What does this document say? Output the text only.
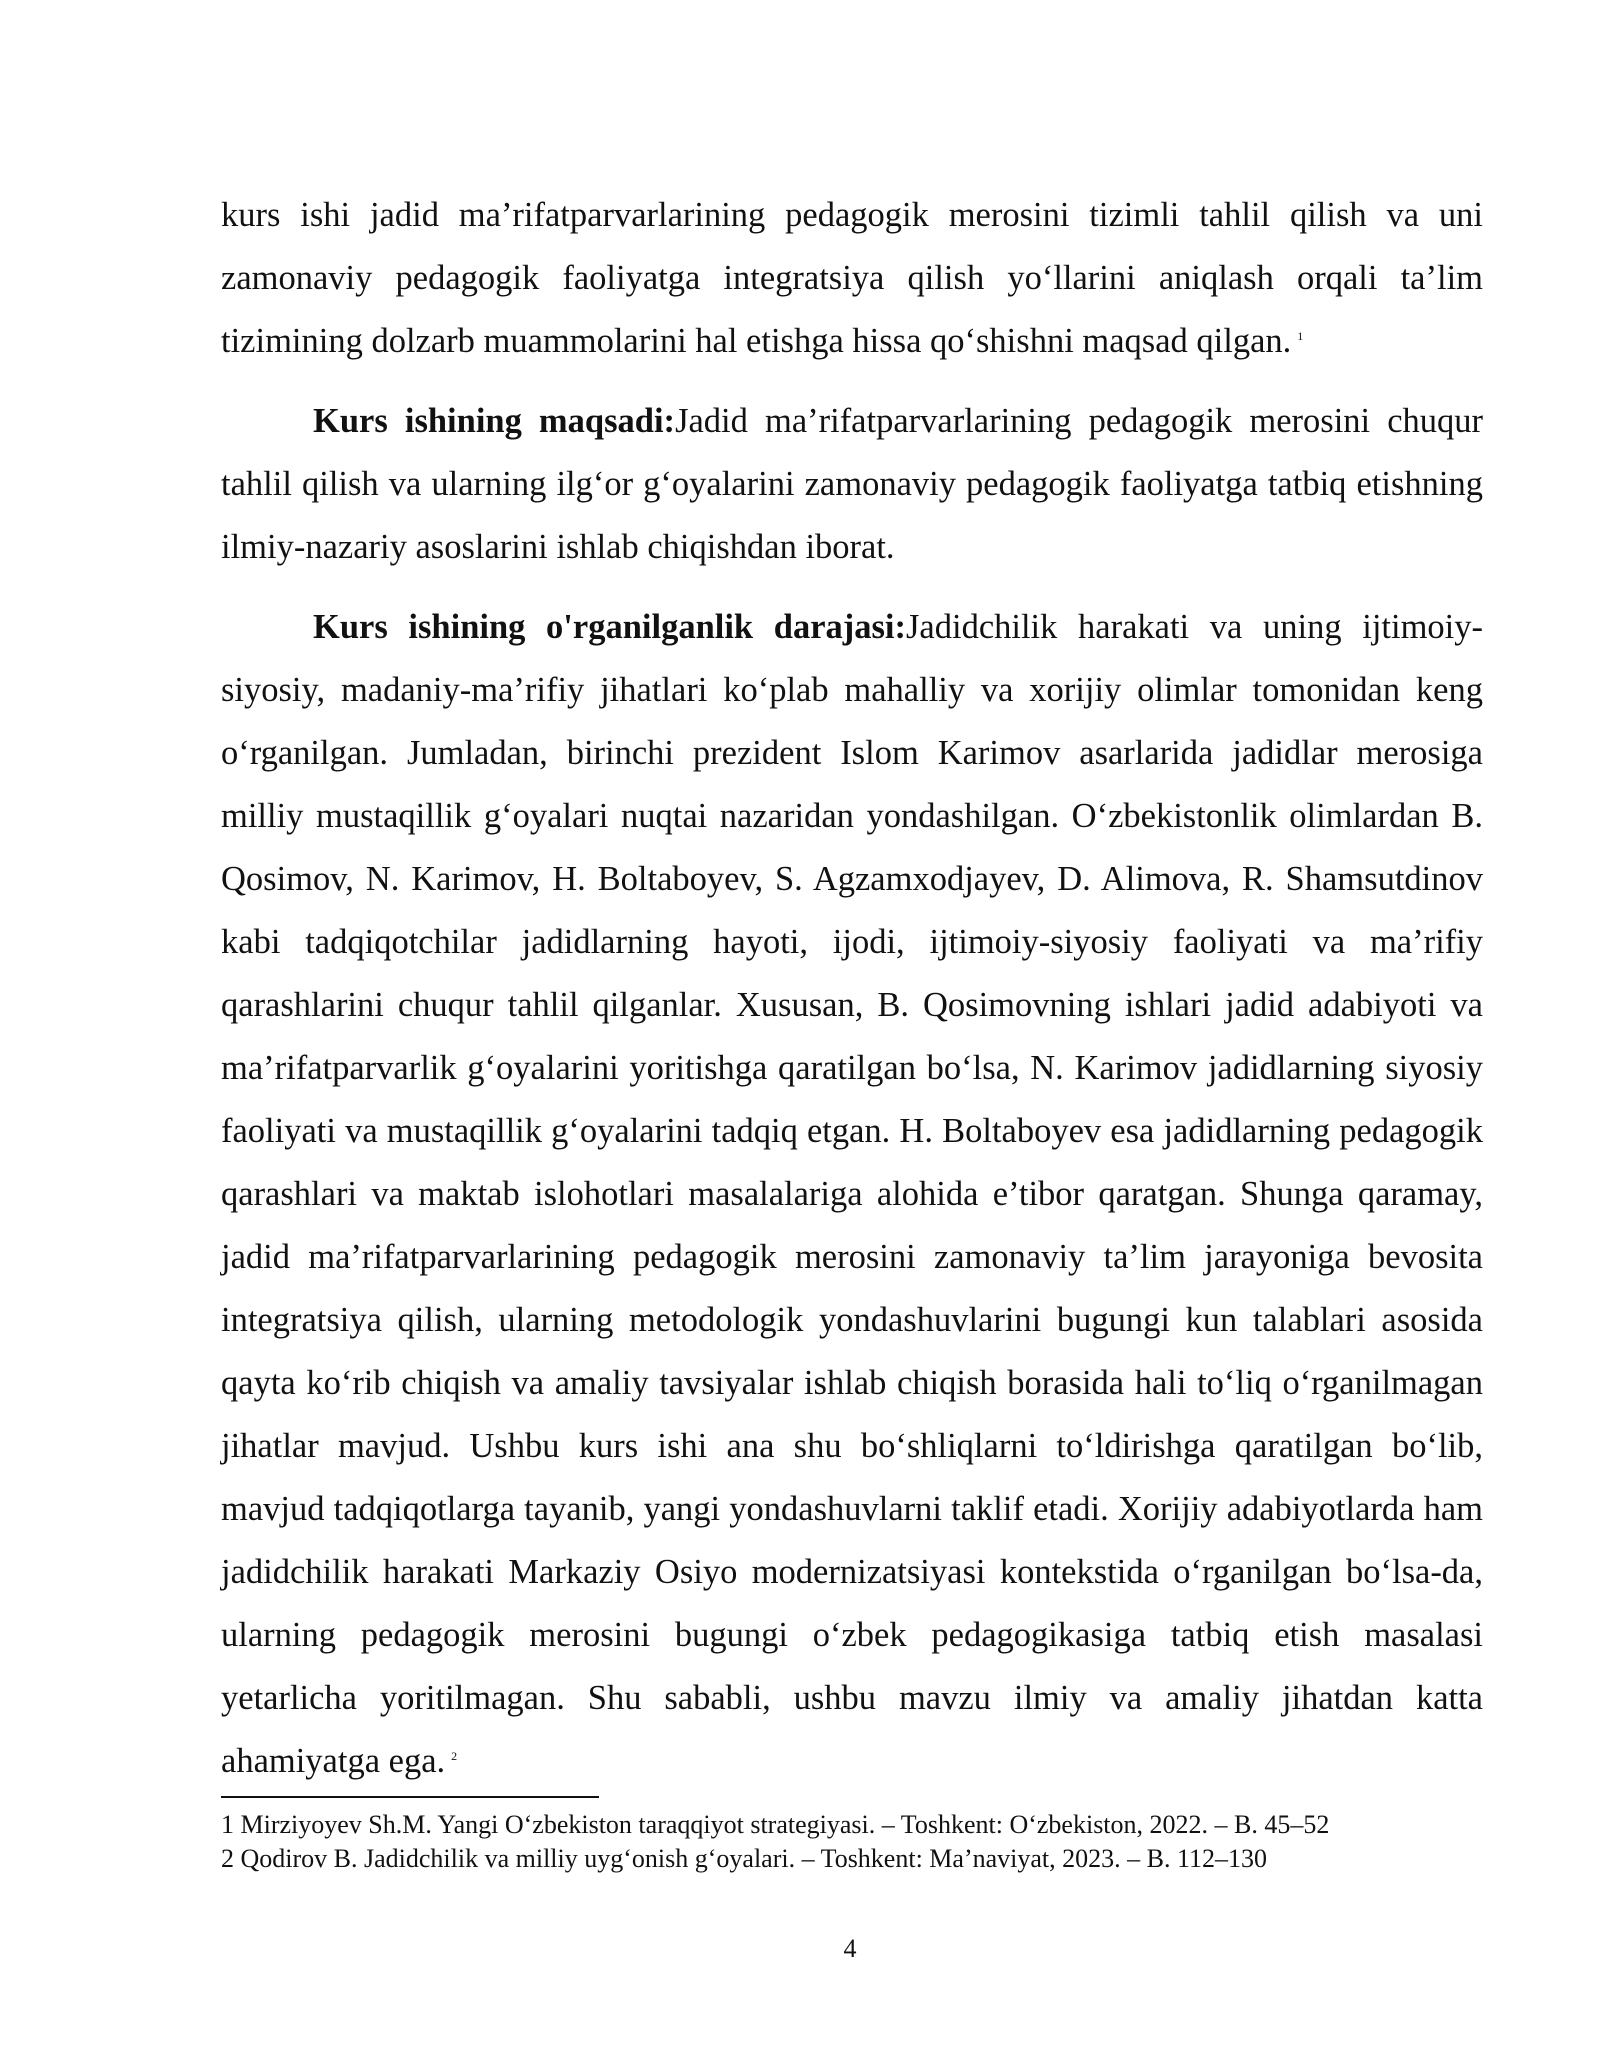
kurs ishi jadid ma’rifatparvarlarining pedagogik merosini tizimli tahlil qilish va uni zamonaviy pedagogik faoliyatga integratsiya qilish yo‘llarini aniqlash orqali ta’lim tizimining dolzarb muammolarini hal etishga hissa qo‘shishni maqsad qilgan. $^1$

Kurs ishining maqsadi:Jadid ma’rifatparvarlarining pedagogik merosini chuqur tahlil qilish va ularning ilg‘or g‘oyalarini zamonaviy pedagogik faoliyatga tatbiq etishning ilmiy-nazariy asoslarini ishlab chiqishdan iborat.

Kurs ishining o'rganilganlik darajasi:Jadidchilik harakati va uning ijtimoiy-siyosiy, madaniy-ma’rifiy jihatlari ko‘plab mahalliy va xorijiy olimlar tomonidan keng o‘rganilgan. Jumladan, birinchi prezident Islom Karimov asarlarida jadidlar merosiga milliy mustaqillik g‘oyalari nuqtai nazaridan yondashilgan. O‘zbekistonlik olimlardan B. Qosimov, N. Karimov, H. Boltaboyev, S. Agzamxodjayev, D. Alimova, R. Shamsutdinov kabi tadqiqotchilar jadidlarning hayoti, ijodi, ijtimoiy-siyosiy faoliyati va ma’rifiy qarashlarini chuqur tahlil qilganlar. Xususan, B. Qosimovning ishlari jadid adabiyoti va ma’rifatparvarlik g‘oyalarini yoritishga qaratilgan bo‘lsa, N. Karimov jadidlarning siyosiy faoliyati va mustaqillik g‘oyalarini tadqiq etgan. H. Boltaboyev esa jadidlarning pedagogik qarashlari va maktab islohotlari masalalariga alohida e’tibor qaratgan. Shunga qaramay, jadid ma’rifatparvarlarining pedagogik merosini zamonaviy ta’lim jarayoniga bevosita integratsiya qilish, ularning metodologik yondashuvlarini bugungi kun talablari asosida qayta ko‘rib chiqish va amaliy tavsiyalar ishlab chiqish borasida hali to‘liq o‘rganilmagan jihatlar mavjud. Ushbu kurs ishi ana shu bo‘shliqlarni to‘ldirishga qaratilgan bo‘lib, mavjud tadqiqotlarga tayanib, yangi yondashuvlarni taklif etadi. Xorijiy adabiyotlarda ham jadidchilik harakati Markaziy Osiyo modernizatsiyasi kontekstida o‘rganilgan bo‘lsa-da, ularning pedagogik merosini bugungi o‘zbek pedagogikasiga tatbiq etish masalasi yetarlicha yoritilmagan. Shu sababli, ushbu mavzu ilmiy va amaliy jihatdan katta ahamiyatga ega. $^2$

1 Mirziyoyev Sh.M. Yangi O‘zbekiston taraqqiyot strategiyasi. – Toshkent: O‘zbekiston, 2022. – B. 45–52

2 Qodirov B. Jadidchilik va milliy uyg‘onish g‘oyalari. – Toshkent: Ma’naviyat, 2023. – B. 112–130

4
